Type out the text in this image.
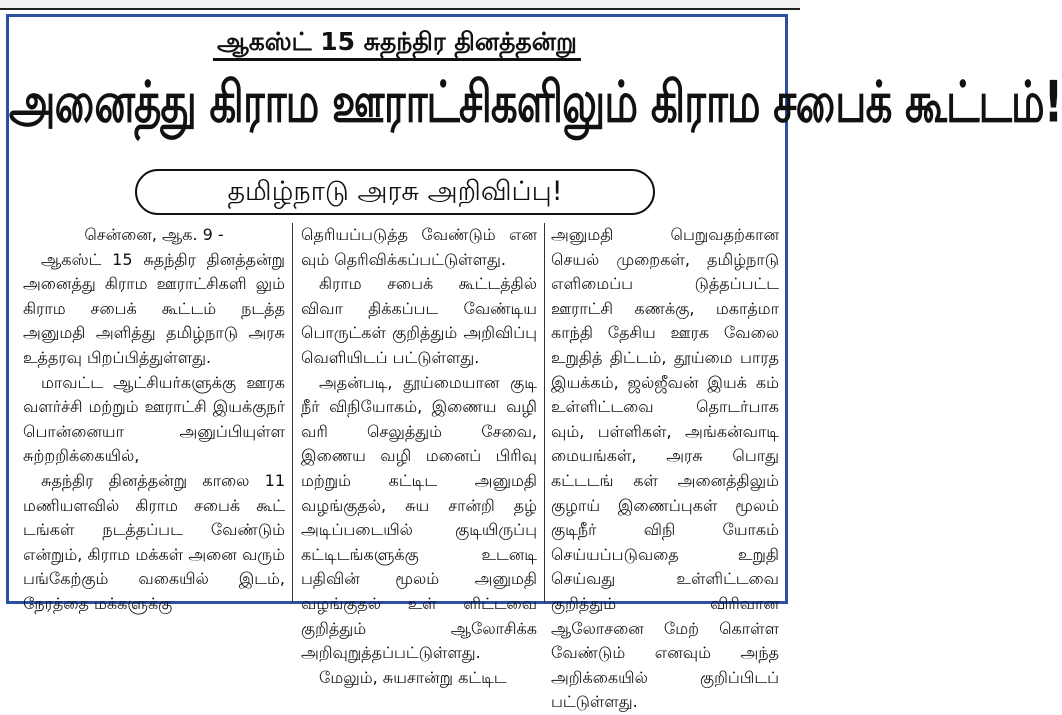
ஆகஸ்ட் 15 சுதந்திர தினத்தன்று
அனைத்து கிராம ஊராட்சிகளிலும் கிராம சபைக் கூட்டம்!
தமிழ்நாடு அரசு அறிவிப்பு!

சென்னை, ஆக. 9 -

ஆகஸ்ட் 15 சுதந்திர தினத்தன்று அனைத்து கிராம ஊராட்சிகளி லும் கிராம சபைக் கூட்டம் நடத்த அனுமதி அளித்து தமிழ்நாடு அரசு உத்தரவு பிறப்பித்துள்ளது.

மாவட்ட ஆட்சியர்களுக்கு ஊரக வளர்ச்சி மற்றும் ஊராட்சி இயக்குநர் பொன்னையா அனுப்பியுள்ள சுற்றறிக்கையில்,

சுதந்திர தினத்தன்று காலை 11 மணியளவில் கிராம சபைக் கூட் டங்கள் நடத்தப்பட வேண்டும் என்றும், கிராம மக்கள் அனை வரும் பங்கேற்கும் வகையில் இடம், நேரத்தை மக்களுக்கு

தெரியப்படுத்த வேண்டும் என வும் தெரிவிக்கப்பட்டுள்ளது.

கிராம சபைக் கூட்டத்தில் விவா திக்கப்பட வேண்டிய பொருட்கள் குறித்தும் அறிவிப்பு வெளியிடப் பட்டுள்ளது.

அதன்படி, தூய்மையான குடி நீர் விநியோகம், இணைய வழி வரி செலுத்தும் சேவை, இணைய வழி மனைப் பிரிவு மற்றும் கட்டிட அனுமதி வழங்குதல், சுய சான்றி தழ் அடிப்படையில் குடியிருப்பு கட்டிடங்களுக்கு உடனடி பதிவின் மூலம் அனுமதி வழங்குதல் உள் ளிட்டவை குறித்தும் ஆலோசிக்க அறிவுறுத்தப்பட்டுள்ளது.

மேலும், சுயசான்று கட்டிட

அனுமதி பெறுவதற்கான செயல் முறைகள், தமிழ்நாடு எளிமைப்ப டுத்தப்பட்ட ஊராட்சி கணக்கு, மகாத்மா காந்தி தேசிய ஊரக வேலை உறுதித் திட்டம், தூய்மை பாரத இயக்கம், ஜல்ஜீவன் இயக் கம் உள்ளிட்டவை தொடர்பாக வும், பள்ளிகள், அங்கன்வாடி மையங்கள், அரசு பொது கட்டடங் கள் அனைத்திலும் குழாய் இணைப்புகள் மூலம் குடிநீர் விநி யோகம் செய்யப்படுவதை உறுதி செய்வது உள்ளிட்டவை குறித்தும் விரிவான ஆலோசனை மேற் கொள்ள வேண்டும் எனவும் அந்த அறிக்கையில் குறிப்பிடப் பட்டுள்ளது.
